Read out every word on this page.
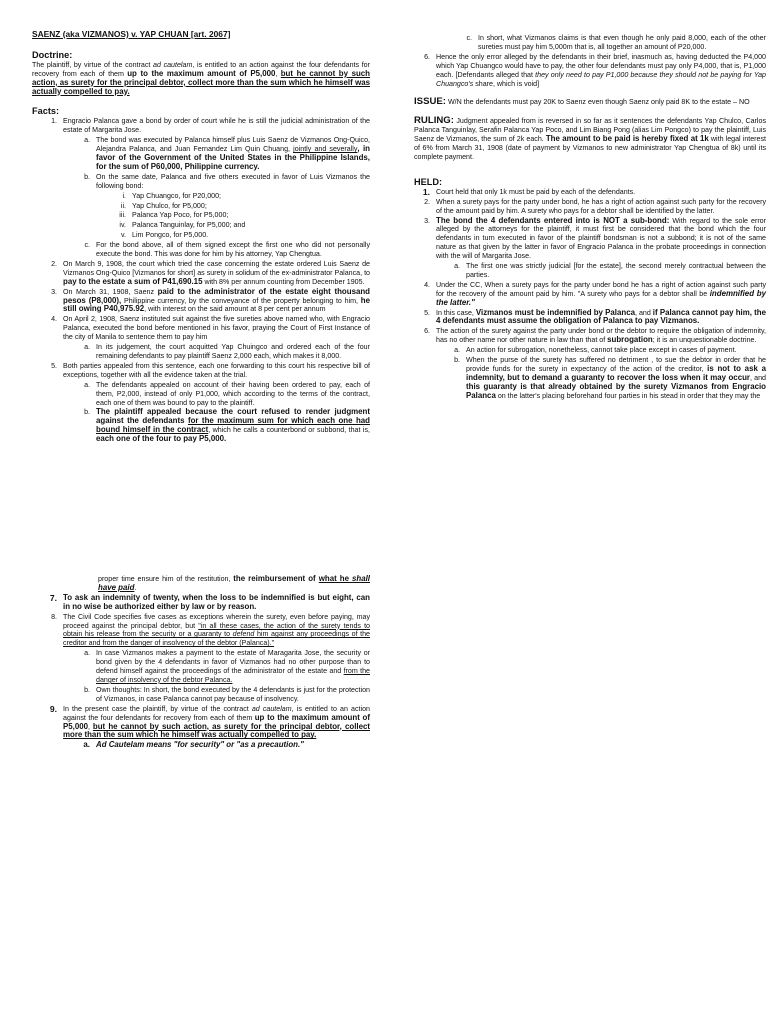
SAENZ (aka VIZMANOS) v. YAP CHUAN [art. 2067]

Doctrine:

The plaintiff, by virtue of the contract ad cautelam, is entitled to an action against the four defendants for recovery from each of them up to the maximum amount of P5,000, but he cannot by such action, as surety for the principal debtor, collect more than the sum which he himself was actually compelled to pay.

Facts:

1. Engracio Palanca gave a bond by order of court while he is still the judicial administration of the estate of Margarita Jose.
a. The bond was executed by Palanca himself plus Luis Saenz de Vizmanos Ong-Quico, Alejandra Palanca, and Juan Fernandez Lim Quin Chuang, jointly and severally, in favor of the Government of the United States in the Philippine Islands, for the sum of P60,000, Philippine currency.
b. On the same date, Palanca and five others executed in favor of Luis Vizmanos the following bond:
i. Yap Chuangco, for P20,000;
ii. Yap Chulco, for P5,000;
iii. Palanca Yap Poco, for P5,000;
iv. Palanca Tanguinlay, for P5,000; and
v. Lim Pongco, for P5,000.
c. For the bond above, all of them signed except the first one who did not personally execute the bond. This was done for him by his attorney, Yap Chengtua.
2. On March 9, 1908, the court which tried the case concerning the estate ordered Luis Saenz de Vizmanos Ong-Quico [Vizmanos for short] as surety in solidum of the ex-administrator Palanca, to pay to the estate a sum of P41,690.15 with 8% per annum counting from December 1905.
3. On March 31, 1908, Saenz paid to the administrator of the estate eight thousand pesos (P8,000), Philippine currency, by the conveyance of the property belonging to him, he still owing P40,975.92, with interest on the said amount at 8 per cent per annum
4. On April 2, 1908, Saenz instituted suit against the five sureties above named who, with Engracio Palanca, executed the bond before mentioned in his favor, praying the Court of First Instance of the city of Manila to sentence them to pay him
a. In its judgement, the court acquitted Yap Chuingco and ordered each of the four remaining defendants to pay plaintiff Saenz 2,000 each, which makes it 8,000.
5. Both parties appealed from this sentence, each one forwarding to this court his respective bill of exceptions, together with all the evidence taken at the trial.
a. The defendants appealed on account of their having been ordered to pay, each of them, P2,000, instead of only P1,000, which according to the terms of the contract, each one of them was bound to pay to the plaintiff.
b. The plaintiff appealed because the court refused to render judgment against the defendants for the maximum sum for which each one had bound himself in the contract, which he calls a counterbond or subbond, that is, each one of the four to pay P5,000.
c. In short, what Vizmanos claims is that even though he only paid 8,000, each of the other sureties must pay him 5,000m that is, all together an amount of P20,000.
6. Hence the only error alleged by the defendants in their brief, inasmuch as, having deducted the P4,000 which Yap Chuangco would have to pay, the other four defendants must pay only P4,000, that is, P1,000 each. [Defendants alleged that they only need to pay P1,000 because they should not be paying for Yap Chuangco's share, which is void]

ISSUE: W/N the defendants must pay 20K to Saenz even though Saenz only paid 8K to the estate – NO

RULING: Judgment appealed from is reversed in so far as it sentences the defendants Yap Chulco, Carlos Palanca Tanguinlay, Serafin Palanca Yap Poco, and Lim Biang Pong (alias Lim Pongco) to pay the plaintiff, Luis Saenz de Vizmanos, the sum of 2k each. The amount to be paid is hereby fixed at 1k with legal interest of 6% from March 31, 1908 (date of payment by Vizmanos to new administrator Yap Chengtua of 8k) until its complete payment.

HELD:

1. Court held that only 1k must be paid by each of the defendants.
2. When a surety pays for the party under bond, he has a right of action against such party for the recovery of the amount paid by him. A surety who pays for a debtor shall be identified by the latter.
3. The bond the 4 defendants entered into is NOT a sub-bond: With regard to the sole error alleged by the attorneys for the plaintiff, it must first be considered that the bond which the four defendants in turn executed in favor of the plaintiff bondsman is not a subbond; it is not of the same nature as that given by the latter in favor of Engracio Palanca in the probate proceedings in connection with the will of Margarita Jose.
a. The first one was strictly judicial [for the estate], the second merely contractual between the parties.
4. Under the CC, When a surety pays for the party under bond he has a right of action against such party for the recovery of the amount paid by him. "A surety who pays for a debtor shall be indemnified by the latter."
5. In this case, Vizmanos must be indemnified by Palanca, and if Palanca cannot pay him, the 4 defendants must assume the obligation of Palanca to pay Vizmanos.
6. The action of the surety against the party under bond or the debtor to require the obligation of indemnity, has no other name nor other nature in law than that of subrogation; it is an unquestionable doctrine.
a. An action for subrogation, nonetheless, cannot take place except in cases of payment.
b. When the purse of the surety has suffered no detriment , to sue the debtor in order that he provide funds for the surety in expectancy of the action of the creditor, is not to ask a indemnity, but to demand a guaranty to recover the loss when it may occur, and this guaranty is that already obtained by the surety Vizmanos from Engracio Palanca on the latter's placing beforehand four parties in his stead in order that they may the

proper time ensure him of the restitution, the reimbursement of what he shall have paid.

7. To ask an indemnity of twenty, when the loss to be indemnified is but eight, can in no wise be authorized either by law or by reason.
8. The Civil Code specifies five cases as exceptions wherein the surety, even before paying, may proceed against the principal debtor, but "in all these cases, the action of the surety tends to obtain his release from the security or a guaranty to defend him against any proceedings of the creditor and from the danger of insolvency of the debtor (Palanca)."
a. In case Vizmanos makes a payment to the estate of Maragarita Jose, the security or bond given by the 4 defendants in favor of Vizmanos had no other purpose than to defend himself against the proceedings of the administrator of the estate and from the danger of insolvency of the debtor Palanca.
b. Own thoughts: In short, the bond executed by the 4 defendants is just for the protection of Vizmanos, in case Palanca cannot pay because of insolvency.
9. In the present case the plaintiff, by virtue of the contract ad cautelam, is entitled to an action against the four defendants for recovery from each of them up to the maximum amount of P5,000, but he cannot by such action, as surety for the principal debtor, collect more than the sum which he himself was actually compelled to pay.
a. Ad Cautelam means "for security" or "as a precaution."
